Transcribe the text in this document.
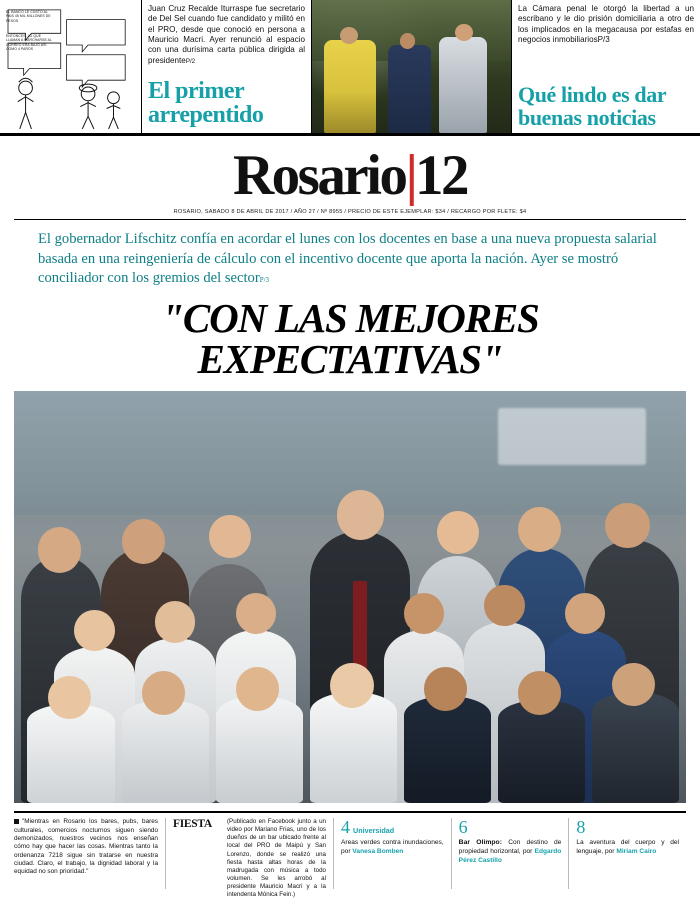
EL BANCO LE COSTO AL PAIS 45 MIL MILLONES DE PESOS
ENTONCES, LO QUE LLAMAN A MARCHARSE AL CORREO ERA BAJO ASI COMO 4 PAROS
Juan Cruz Recalde Iturraspe fue secretario de Del Sel cuando fue candidato y militó en el PRO, desde que conoció en persona a Mauricio Macri. Ayer renunció al espacio con una durísima carta pública dirigida al presidenteP/2
El primer arrepentido
La Cámara penal le otorgó la libertad a un escribano y le dio prisión domiciliaria a otro de los implicados en la megacausa por estafas en negocios inmobiliariosP/3
Qué lindo es dar buenas noticias
Rosario|12
ROSARIO, SABADO 8 DE ABRIL DE 2017 / AÑO 27 / Nº 8955 / PRECIO DE ESTE EJEMPLAR: $34 / RECARGO POR FLETE: $4
El gobernador Lifschitz confía en acordar el lunes con los docentes en base a una nueva propuesta salarial basada en una reingeniería de cálculo con el incentivo docente que aporta la nación. Ayer se mostró conciliador con los gremios del sectorP/3
"CON LAS MEJORES EXPECTATIVAS"
"Mientras en Rosario los bares, pubs, bares culturales, comercios nocturnos siguen siendo demonizados, nuestros vecinos nos enseñan cómo hay que hacer las cosas. Mientras tanto la ordenanza 7218 sigue sin tratarse en nuestra ciudad. Claro, el trabajo, la dignidad laboral y la equidad no son prioridad."
FIESTA	(Publicado en Facebook junto a un video por Mariano Frias, uno de los dueños de un bar ubicado frente al local del PRO de Maipú y San Lorenzo, donde se realizó una fiesta hasta altas horas de la madrugada con música a todo volumen. Se les arrobó al presidente Mauricio Macri y a la intendenta Mónica Fein.)
4 Universidad
Areas verdes contra inundaciones, por Vanesa Bomben
6
Bar Olimpo: Con destino de propiedad horizontal, por Edgardo Pérez Castillo
8
La aventura del cuerpo y del lenguaje, por Miriam Cairo
